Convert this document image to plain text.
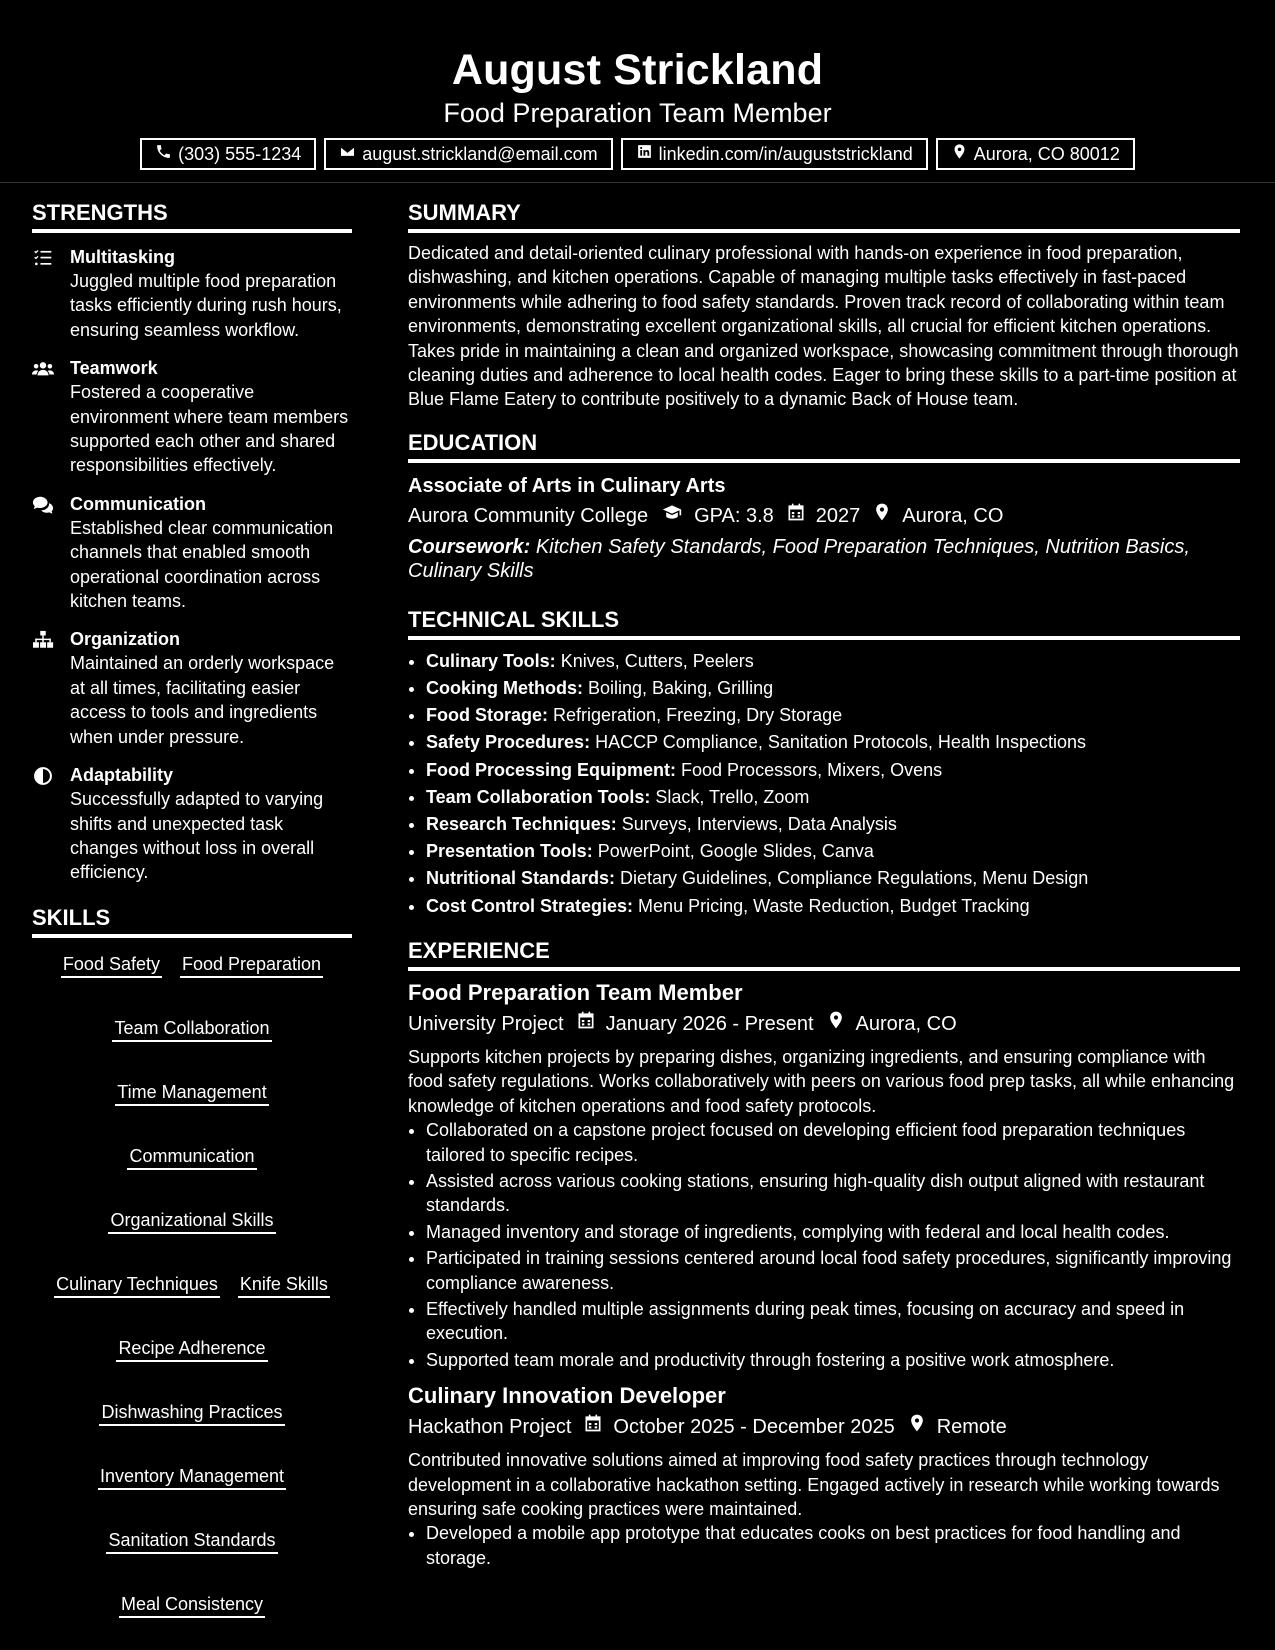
August Strickland
Food Preparation Team Member
(303) 555-1234	august.strickland@email.com	linkedin.com/in/auguststrickland	Aurora, CO 80012
STRENGTHS
Multitasking
Juggled multiple food preparation tasks efficiently during rush hours, ensuring seamless workflow.
Teamwork
Fostered a cooperative environment where team members supported each other and shared responsibilities effectively.
Communication
Established clear communication channels that enabled smooth operational coordination across kitchen teams.
Organization
Maintained an orderly workspace at all times, facilitating easier access to tools and ingredients when under pressure.
Adaptability
Successfully adapted to varying shifts and unexpected task changes without loss in overall efficiency.
SKILLS
Food Safety Food Preparation
Team Collaboration
Time Management
Communication
Organizational Skills
Culinary Techniques Knife Skills
Recipe Adherence
Dishwashing Practices
Inventory Management
Sanitation Standards
Meal Consistency
SUMMARY
Dedicated and detail-oriented culinary professional with hands-on experience in food preparation, dishwashing, and kitchen operations. Capable of managing multiple tasks effectively in fast-paced environments while adhering to food safety standards. Proven track record of collaborating within team environments, demonstrating excellent organizational skills, all crucial for efficient kitchen operations. Takes pride in maintaining a clean and organized workspace, showcasing commitment through thorough cleaning duties and adherence to local health codes. Eager to bring these skills to a part-time position at Blue Flame Eatery to contribute positively to a dynamic Back of House team.
EDUCATION
Associate of Arts in Culinary Arts
Aurora Community College GPA: 3.8 2027 Aurora, CO
Coursework: Kitchen Safety Standards, Food Preparation Techniques, Nutrition Basics, Culinary Skills
TECHNICAL SKILLS
• Culinary Tools: Knives, Cutters, Peelers
• Cooking Methods: Boiling, Baking, Grilling
• Food Storage: Refrigeration, Freezing, Dry Storage
• Safety Procedures: HACCP Compliance, Sanitation Protocols, Health Inspections
• Food Processing Equipment: Food Processors, Mixers, Ovens
• Team Collaboration Tools: Slack, Trello, Zoom
• Research Techniques: Surveys, Interviews, Data Analysis
• Presentation Tools: PowerPoint, Google Slides, Canva
• Nutritional Standards: Dietary Guidelines, Compliance Regulations, Menu Design
• Cost Control Strategies: Menu Pricing, Waste Reduction, Budget Tracking
EXPERIENCE
Food Preparation Team Member
University Project January 2026 - Present Aurora, CO
Supports kitchen projects by preparing dishes, organizing ingredients, and ensuring compliance with food safety regulations. Works collaboratively with peers on various food prep tasks, all while enhancing knowledge of kitchen operations and food safety protocols.
• Collaborated on a capstone project focused on developing efficient food preparation techniques tailored to specific recipes.
• Assisted across various cooking stations, ensuring high-quality dish output aligned with restaurant standards.
• Managed inventory and storage of ingredients, complying with federal and local health codes.
• Participated in training sessions centered around local food safety procedures, significantly improving compliance awareness.
• Effectively handled multiple assignments during peak times, focusing on accuracy and speed in execution.
• Supported team morale and productivity through fostering a positive work atmosphere.
Culinary Innovation Developer
Hackathon Project October 2025 - December 2025 Remote
Contributed innovative solutions aimed at improving food safety practices through technology development in a collaborative hackathon setting. Engaged actively in research while working towards ensuring safe cooking practices were maintained.
• Developed a mobile app prototype that educates cooks on best practices for food handling and storage.
